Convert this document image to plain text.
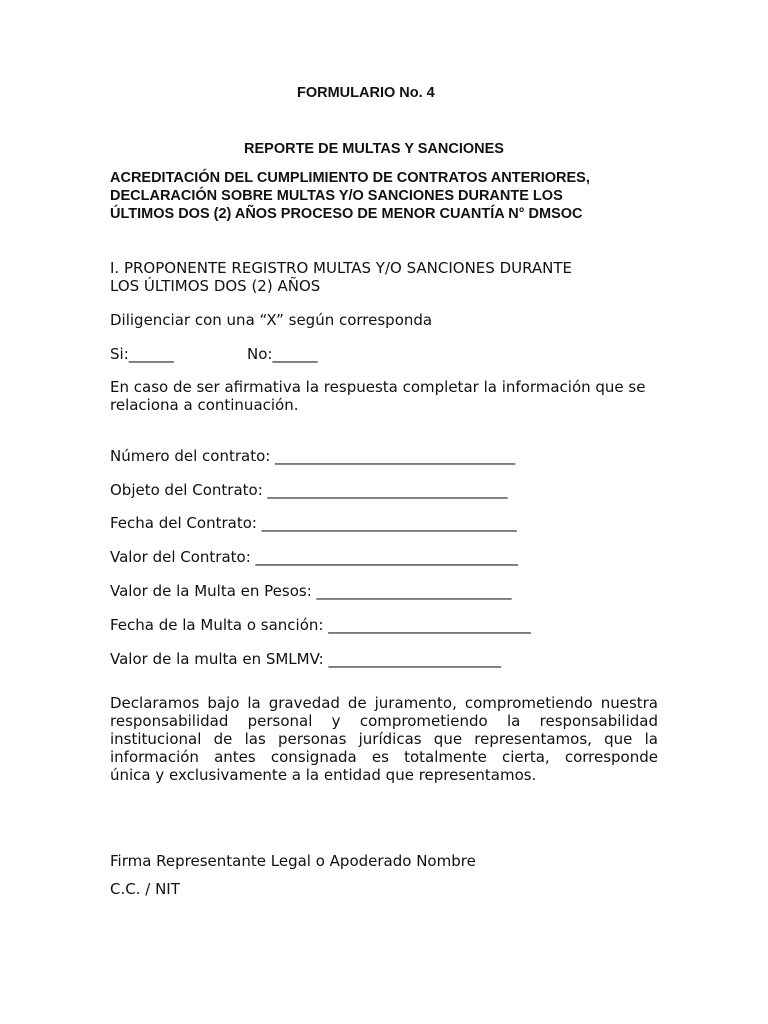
FORMULARIO No. 4
REPORTE DE MULTAS Y SANCIONES
ACREDITACIÓN DEL CUMPLIMIENTO DE CONTRATOS ANTERIORES,
DECLARACIÓN SOBRE MULTAS Y/O SANCIONES DURANTE LOS
ÚLTIMOS DOS (2) AÑOS PROCESO DE MENOR CUANTÍA N° DMSOC
I. PROPONENTE REGISTRO MULTAS Y/O SANCIONES DURANTE
LOS ÚLTIMOS DOS (2) AÑOS
Diligenciar con una “X” según corresponda
Si:______	No:______
En caso de ser afirmativa la respuesta completar la información que se
relaciona a continuación.
Número del contrato: ________________________________
Objeto del Contrato: ________________________________
Fecha del Contrato: __________________________________
Valor del Contrato: ___________________________________
Valor de la Multa en Pesos: __________________________
Fecha de la Multa o sanción: ___________________________
Valor de la multa en SMLMV: _______________________
Declaramos bajo la gravedad de juramento, comprometiendo nuestra
responsabilidad personal y comprometiendo la responsabilidad
institucional de las personas jurídicas que representamos, que la
información antes consignada es totalmente cierta, corresponde
única y exclusivamente a la entidad que representamos.
Firma Representante Legal o Apoderado Nombre
C.C. / NIT
